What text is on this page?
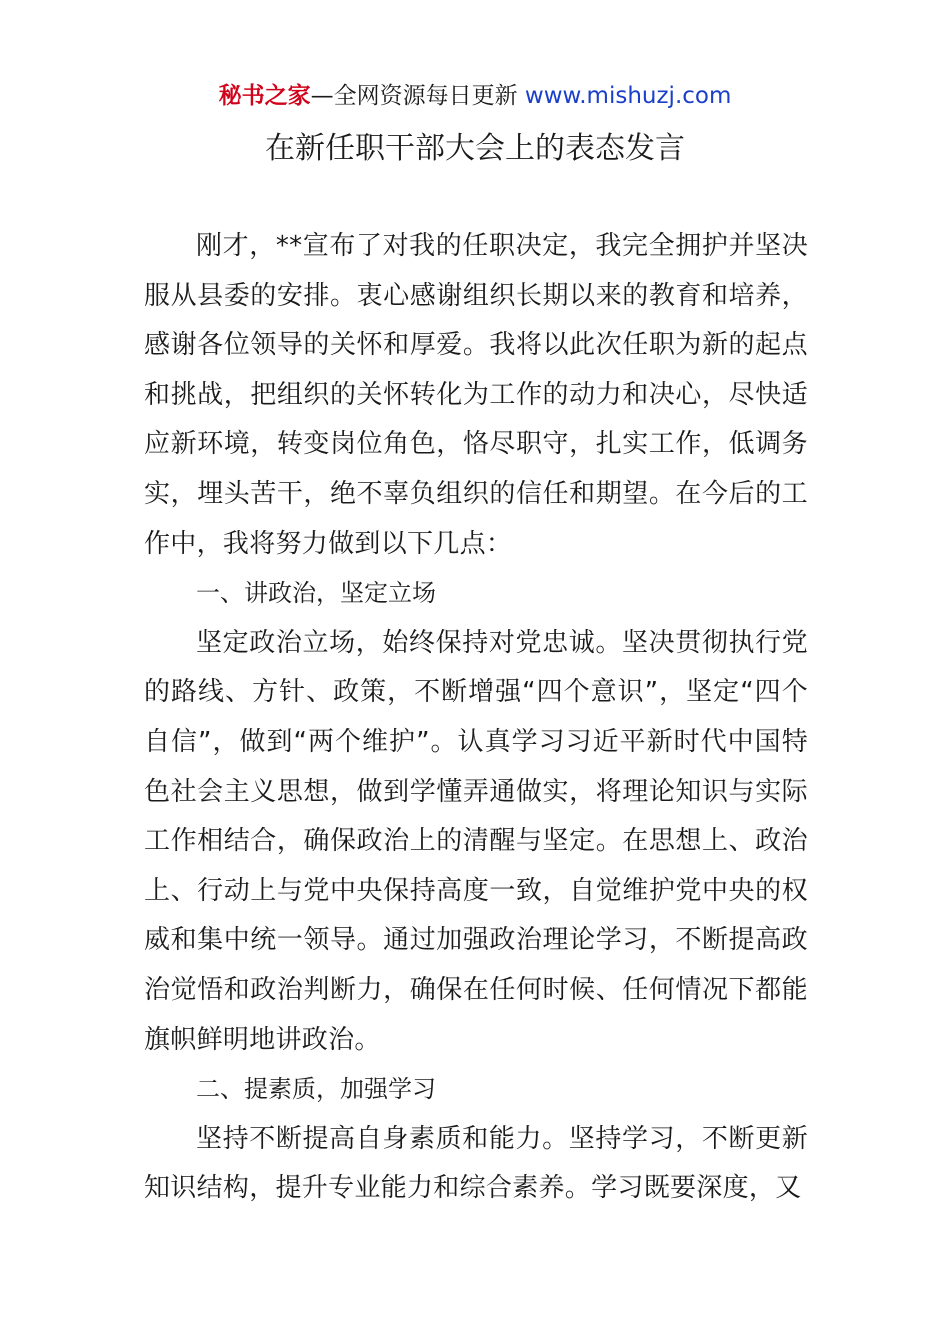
秘书之家—全网资源每日更新 www.mishuzj.com
在新任职干部大会上的表态发言

刚才，**宣布了对我的任职决定，我完全拥护并坚决服从县委的安排。衷心感谢组织长期以来的教育和培养，感谢各位领导的关怀和厚爱。我将以此次任职为新的起点和挑战，把组织的关怀转化为工作的动力和决心，尽快适应新环境，转变岗位角色，恪尽职守，扎实工作，低调务实，埋头苦干，绝不辜负组织的信任和期望。在今后的工作中，我将努力做到以下几点：

一、讲政治，坚定立场

坚定政治立场，始终保持对党忠诚。坚决贯彻执行党的路线、方针、政策，不断增强“四个意识”，坚定“四个自信”，做到“两个维护”。认真学习习近平新时代中国特色社会主义思想，做到学懂弄通做实，将理论知识与实际工作相结合，确保政治上的清醒与坚定。在思想上、政治上、行动上与党中央保持高度一致，自觉维护党中央的权威和集中统一领导。通过加强政治理论学习，不断提高政治觉悟和政治判断力，确保在任何时候、任何情况下都能旗帜鲜明地讲政治。

二、提素质，加强学习

坚持不断提高自身素质和能力。坚持学习，不断更新知识结构，提升专业能力和综合素养。学习既要深度，又
